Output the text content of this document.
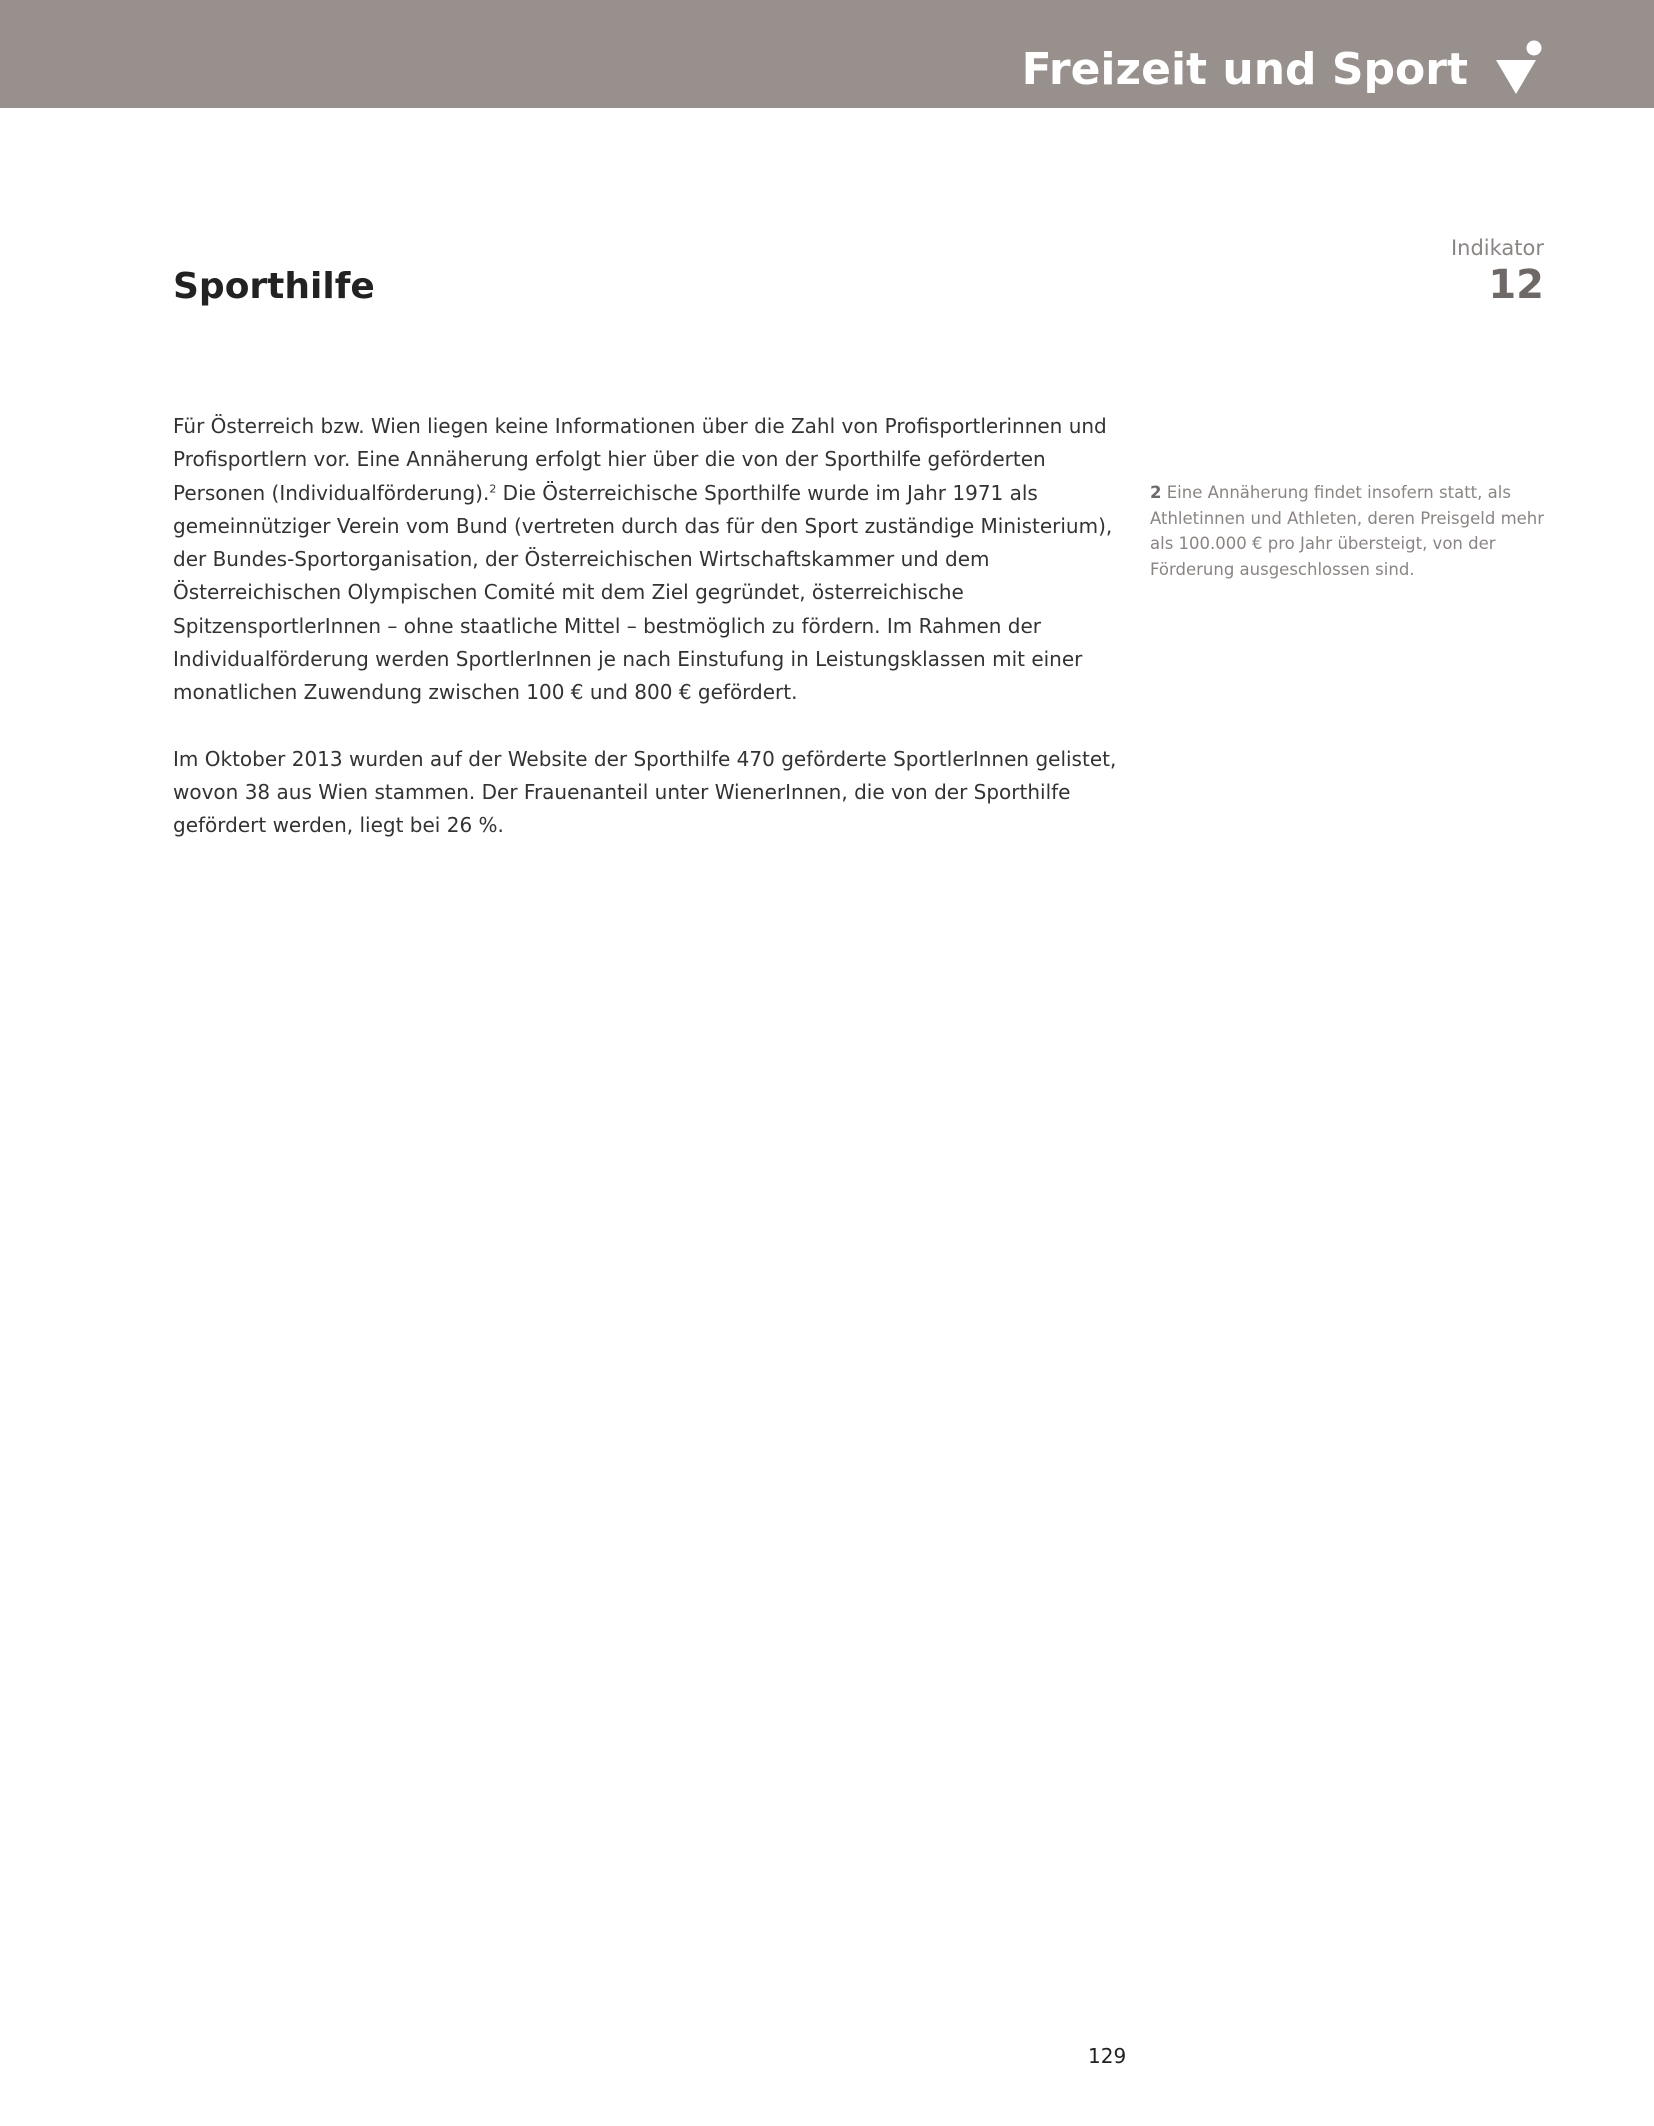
Freizeit und Sport
Indikator
12
Sporthilfe

Für Österreich bzw. Wien liegen keine Informationen über die Zahl von Profisportlerinnen und Profisportlern vor. Eine Annäherung erfolgt hier über die von der Sporthilfe geförderten Personen (Individualförderung).$^2$ Die Österreichische Sporthilfe wurde im Jahr 1971 als gemeinnütziger Verein vom Bund (vertreten durch das für den Sport zuständige Ministerium), der Bundes-Sportorganisation, der Österreichischen Wirtschaftskammer und dem Österreichischen Olympischen Comité mit dem Ziel gegründet, österreichische SpitzensportlerInnen – ohne staatliche Mittel – bestmöglich zu fördern. Im Rahmen der Individualförderung werden SportlerInnen je nach Einstufung in Leistungsklassen mit einer monatlichen Zuwendung zwischen 100 € und 800 € gefördert.

Im Oktober 2013 wurden auf der Website der Sporthilfe 470 geförderte SportlerInnen gelistet, wovon 38 aus Wien stammen. Der Frauenanteil unter WienerInnen, die von der Sporthilfe gefördert werden, liegt bei 26 %.

2 Eine Annäherung findet insofern statt, als Athletinnen und Athleten, deren Preisgeld mehr als 100.000 € pro Jahr übersteigt, von der Förderung ausgeschlossen sind.
129
